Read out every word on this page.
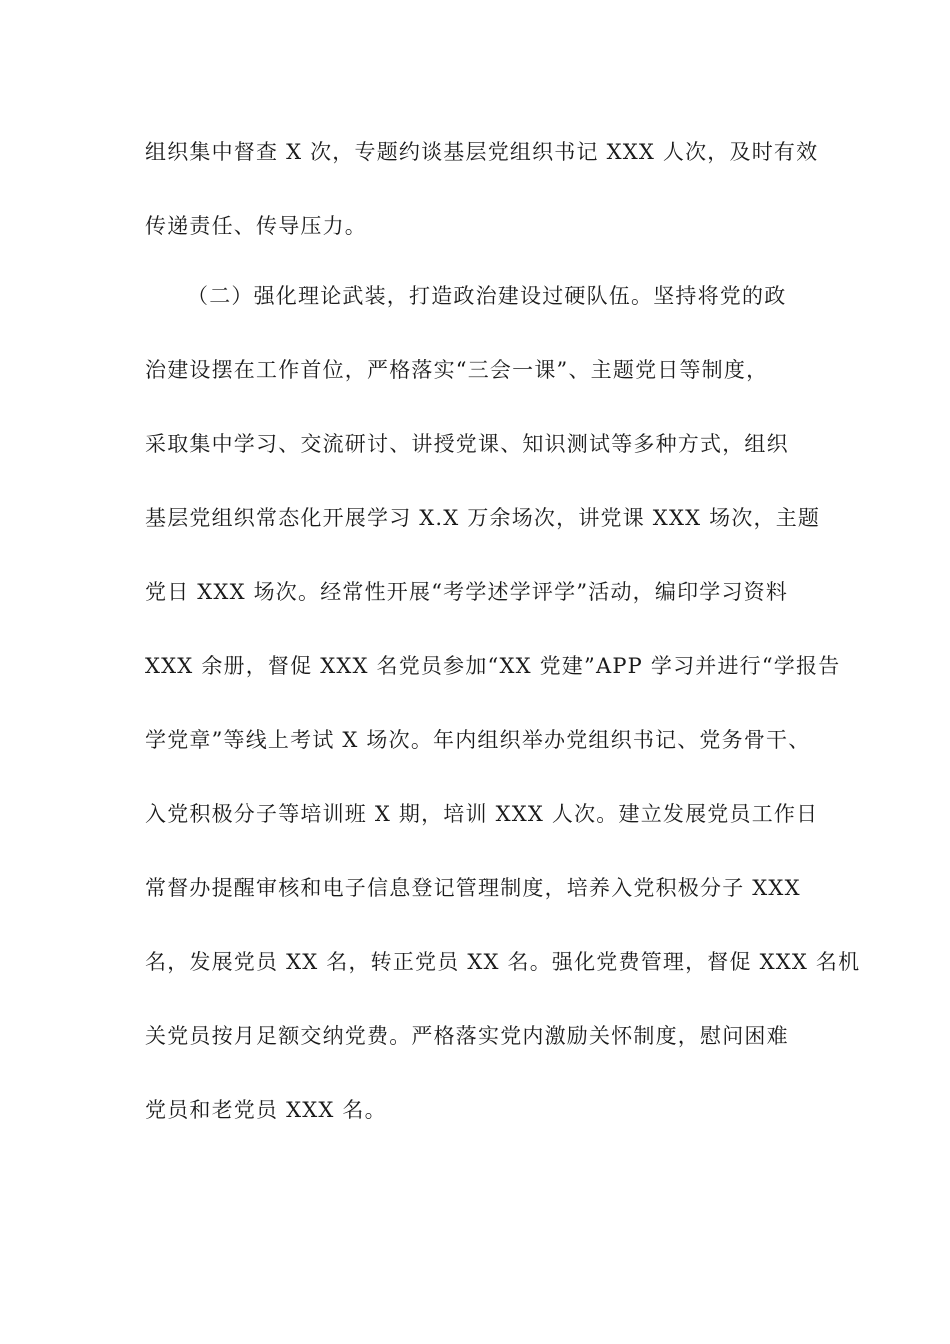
组织集中督查 X 次，专题约谈基层党组织书记 XXX 人次，及时有效
传递责任、传导压力。
（二）强化理论武装，打造政治建设过硬队伍。坚持将党的政
治建设摆在工作首位，严格落实“三会一课”、主题党日等制度，
采取集中学习、交流研讨、讲授党课、知识测试等多种方式，组织
基层党组织常态化开展学习 X.X 万余场次，讲党课 XXX 场次，主题
党日 XXX 场次。经常性开展“考学述学评学”活动，编印学习资料
XXX 余册，督促 XXX 名党员参加“XX 党建”APP 学习并进行“学报告
学党章”等线上考试 X 场次。年内组织举办党组织书记、党务骨干、
入党积极分子等培训班 X 期，培训 XXX 人次。建立发展党员工作日
常督办提醒审核和电子信息登记管理制度，培养入党积极分子 XXX
名，发展党员 XX 名，转正党员 XX 名。强化党费管理，督促 XXX 名机
关党员按月足额交纳党费。严格落实党内激励关怀制度，慰问困难
党员和老党员 XXX 名。
